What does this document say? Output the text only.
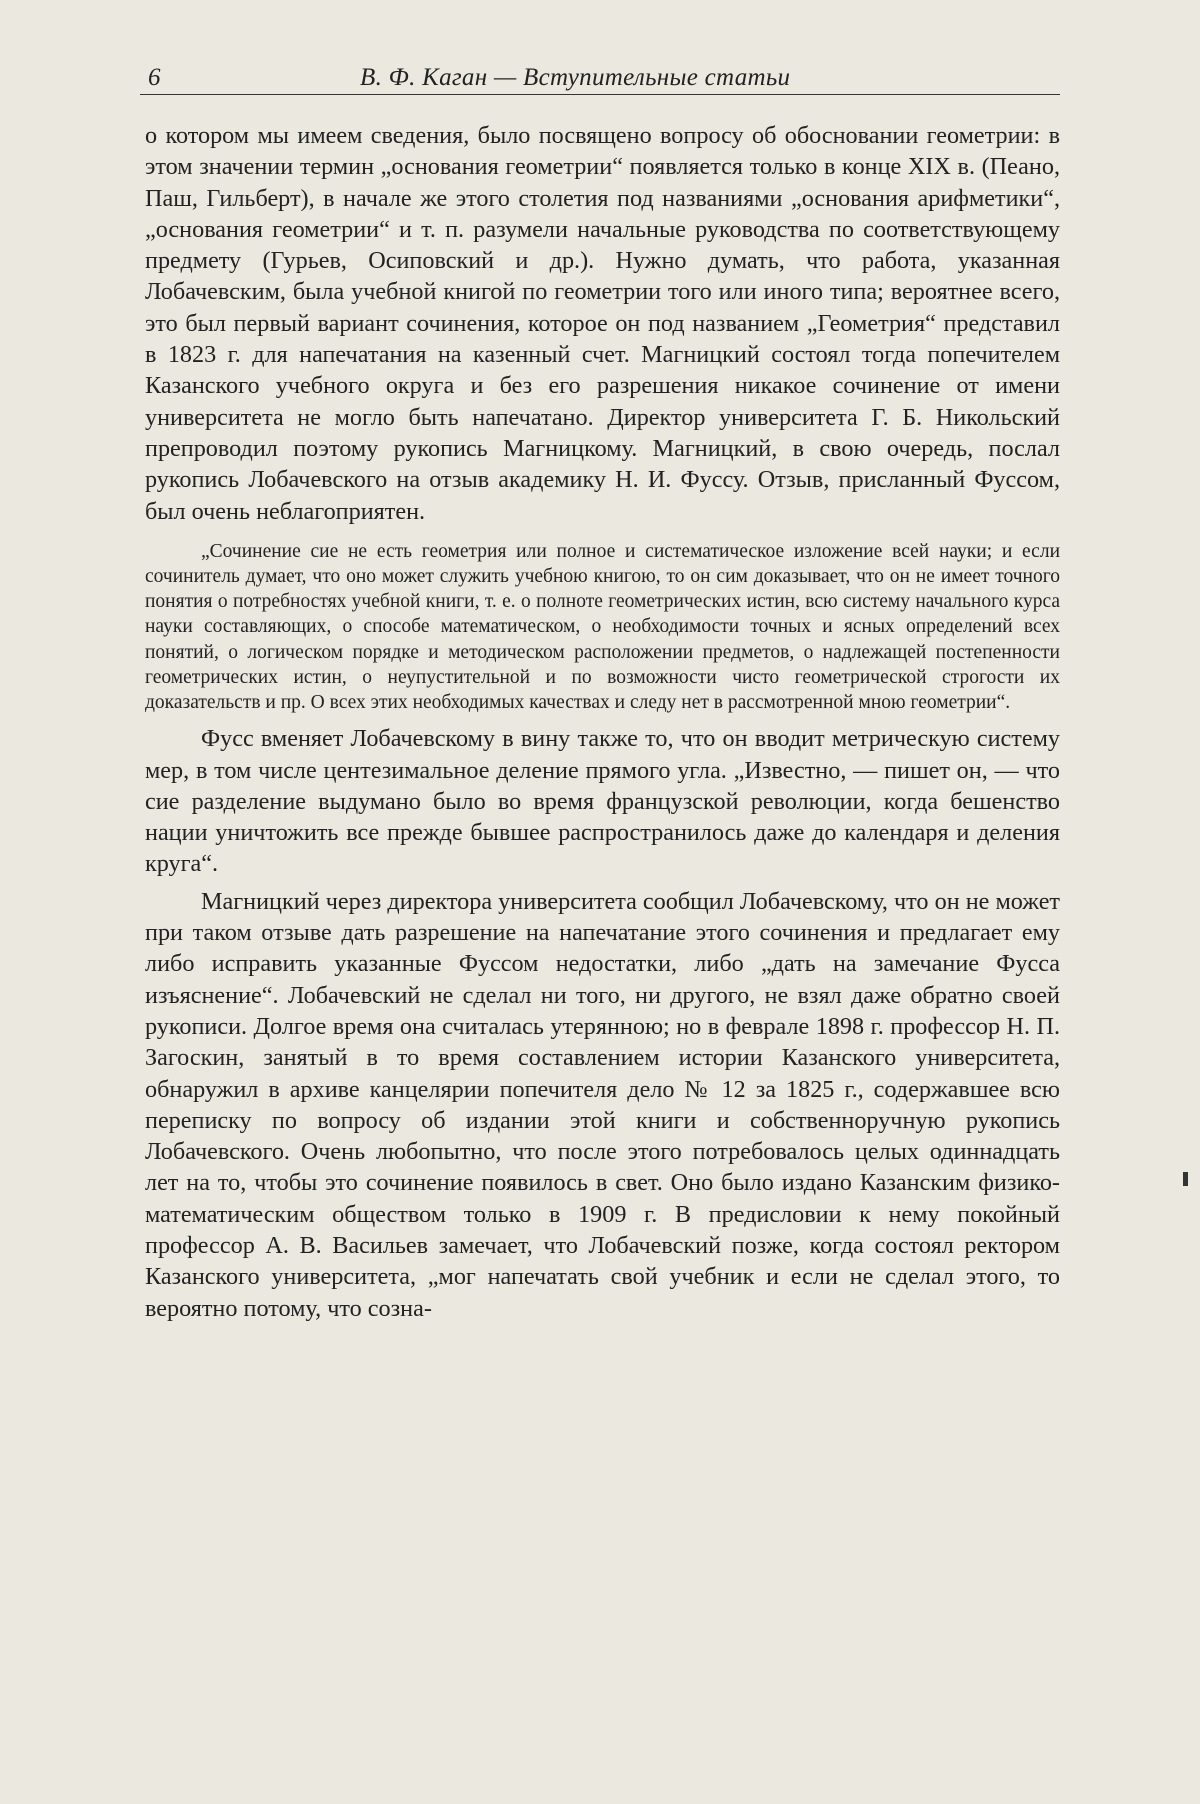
6	В. Ф. Каган — Вступительные статьи

о котором мы имеем сведения, было посвящено вопросу об обосновании геометрии: в этом значении термин „основания геометрии“ появляется только в конце XIX в. (Пеано, Паш, Гильберт), в начале же этого столетия под названиями „основания арифметики“, „основания геометрии“ и т. п. разумели начальные руководства по соответствующему предмету (Гурьев, Осиповский и др.). Нужно думать, что работа, указанная Лобачевским, была учебной книгой по геометрии того или иного типа; вероятнее всего, это был первый вариант сочинения, которое он под названием „Геометрия“ представил в 1823 г. для напечатания на казенный счет. Магницкий состоял тогда попечителем Казанского учебного округа и без его разрешения никакое сочинение от имени университета не могло быть напечатано. Директор университета Г. Б. Никольский препроводил поэтому рукопись Магницкому. Магницкий, в свою очередь, послал рукопись Лобачевского на отзыв академику Н. И. Фуссу. Отзыв, присланный Фуссом, был очень неблагоприятен.

„Сочинение сие не есть геометрия или полное и систематическое изложение всей науки; и если сочинитель думает, что оно может служить учебною книгою, то он сим доказывает, что он не имеет точного понятия о потребностях учебной книги, т. е. о полноте геометрических истин, всю систему начального курса науки составляющих, о способе математическом, о необходимости точных и ясных определений всех понятий, о логическом порядке и методическом расположении предметов, о надлежащей постепенности геометрических истин, о неупустительной и по возможности чисто геометрической строгости их доказательств и пр. О всех этих необходимых качествах и следу нет в рассмотренной мною геометрии“.

Фусс вменяет Лобачевскому в вину также то, что он вводит метрическую систему мер, в том числе центезимальное деление прямого угла. „Известно, — пишет он, — что сие разделение выдумано было во время французской революции, когда бешенство нации уничтожить все прежде бывшее распространилось даже до календаря и деления круга“.

Магницкий через директора университета сообщил Лобачевскому, что он не может при таком отзыве дать разрешение на напечатание этого сочинения и предлагает ему либо исправить указанные Фуссом недостатки, либо „дать на замечание Фусса изъяснение“. Лобачевский не сделал ни того, ни другого, не взял даже обратно своей рукописи. Долгое время она считалась утерянною; но в феврале 1898 г. профессор Н. П. Загоскин, занятый в то время составлением истории Казанского университета, обнаружил в архиве канцелярии попечителя дело № 12 за 1825 г., содержавшее всю переписку по вопросу об издании этой книги и собственноручную рукопись Лобачевского. Очень любопытно, что после этого потребовалось целых одиннадцать лет на то, чтобы это сочинение появилось в свет. Оно было издано Казанским физико-математическим обществом только в 1909 г. В предисловии к нему покойный профессор А. В. Васильев замечает, что Лобачевский позже, когда состоял ректором Казанского университета, „мог напечатать свой учебник и если не сделал этого, то вероятно потому, что созна-
